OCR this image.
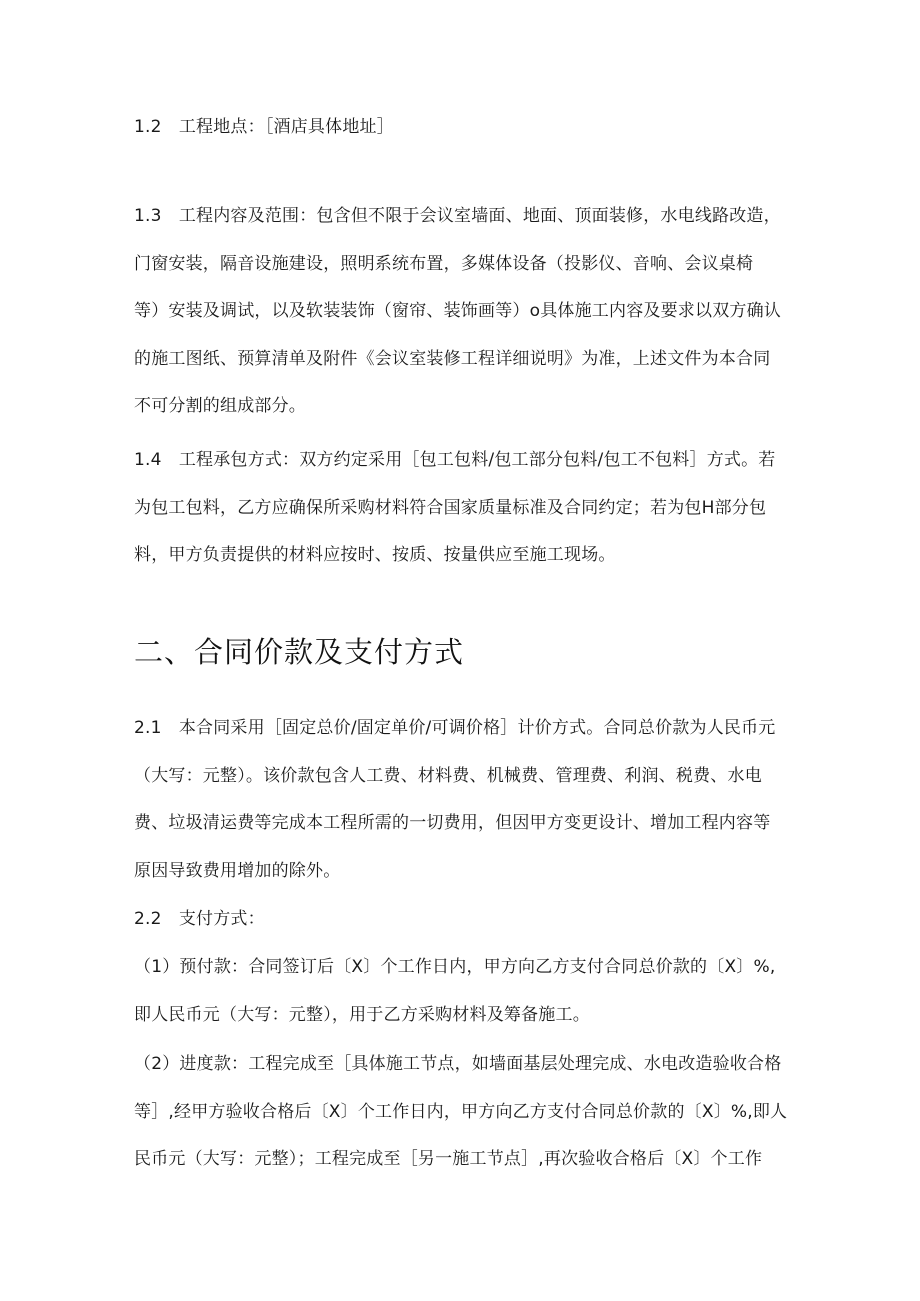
1.2　工程地点：［酒店具体地址］

1.3　工程内容及范围：包含但不限于会议室墙面、地面、顶面装修，水电线路改造，
门窗安装，隔音设施建设，照明系统布置，多媒体设备（投影仪、音响、会议桌椅
等）安装及调试，以及软装装饰（窗帘、装饰画等）o具体施工内容及要求以双方确认
的施工图纸、预算清单及附件《会议室装修工程详细说明》为准，上述文件为本合同
不可分割的组成部分。

1.4　工程承包方式：双方约定采用［包工包料/包工部分包料/包工不包料］方式。若
为包工包料，乙方应确保所采购材料符合国家质量标准及合同约定；若为包H部分包
料，甲方负责提供的材料应按时、按质、按量供应至施工现场。

二、合同价款及支付方式

2.1　本合同采用［固定总价/固定单价/可调价格］计价方式。合同总价款为人民币元
（大写：元整）。该价款包含人工费、材料费、机械费、管理费、利润、税费、水电
费、垃圾清运费等完成本工程所需的一切费用，但因甲方变更设计、增加工程内容等
原因导致费用增加的除外。

2.2　支付方式：

（1）预付款：合同签订后〔X〕个工作日内，甲方向乙方支付合同总价款的〔X〕%,
即人民币元（大写：元整），用于乙方采购材料及筹备施工。

（2）进度款：工程完成至［具体施工节点，如墙面基层处理完成、水电改造验收合格
等］,经甲方验收合格后〔X〕个工作日内，甲方向乙方支付合同总价款的〔X〕%,即人
民币元（大写：元整）；工程完成至［另一施工节点］,再次验收合格后〔X〕个工作
